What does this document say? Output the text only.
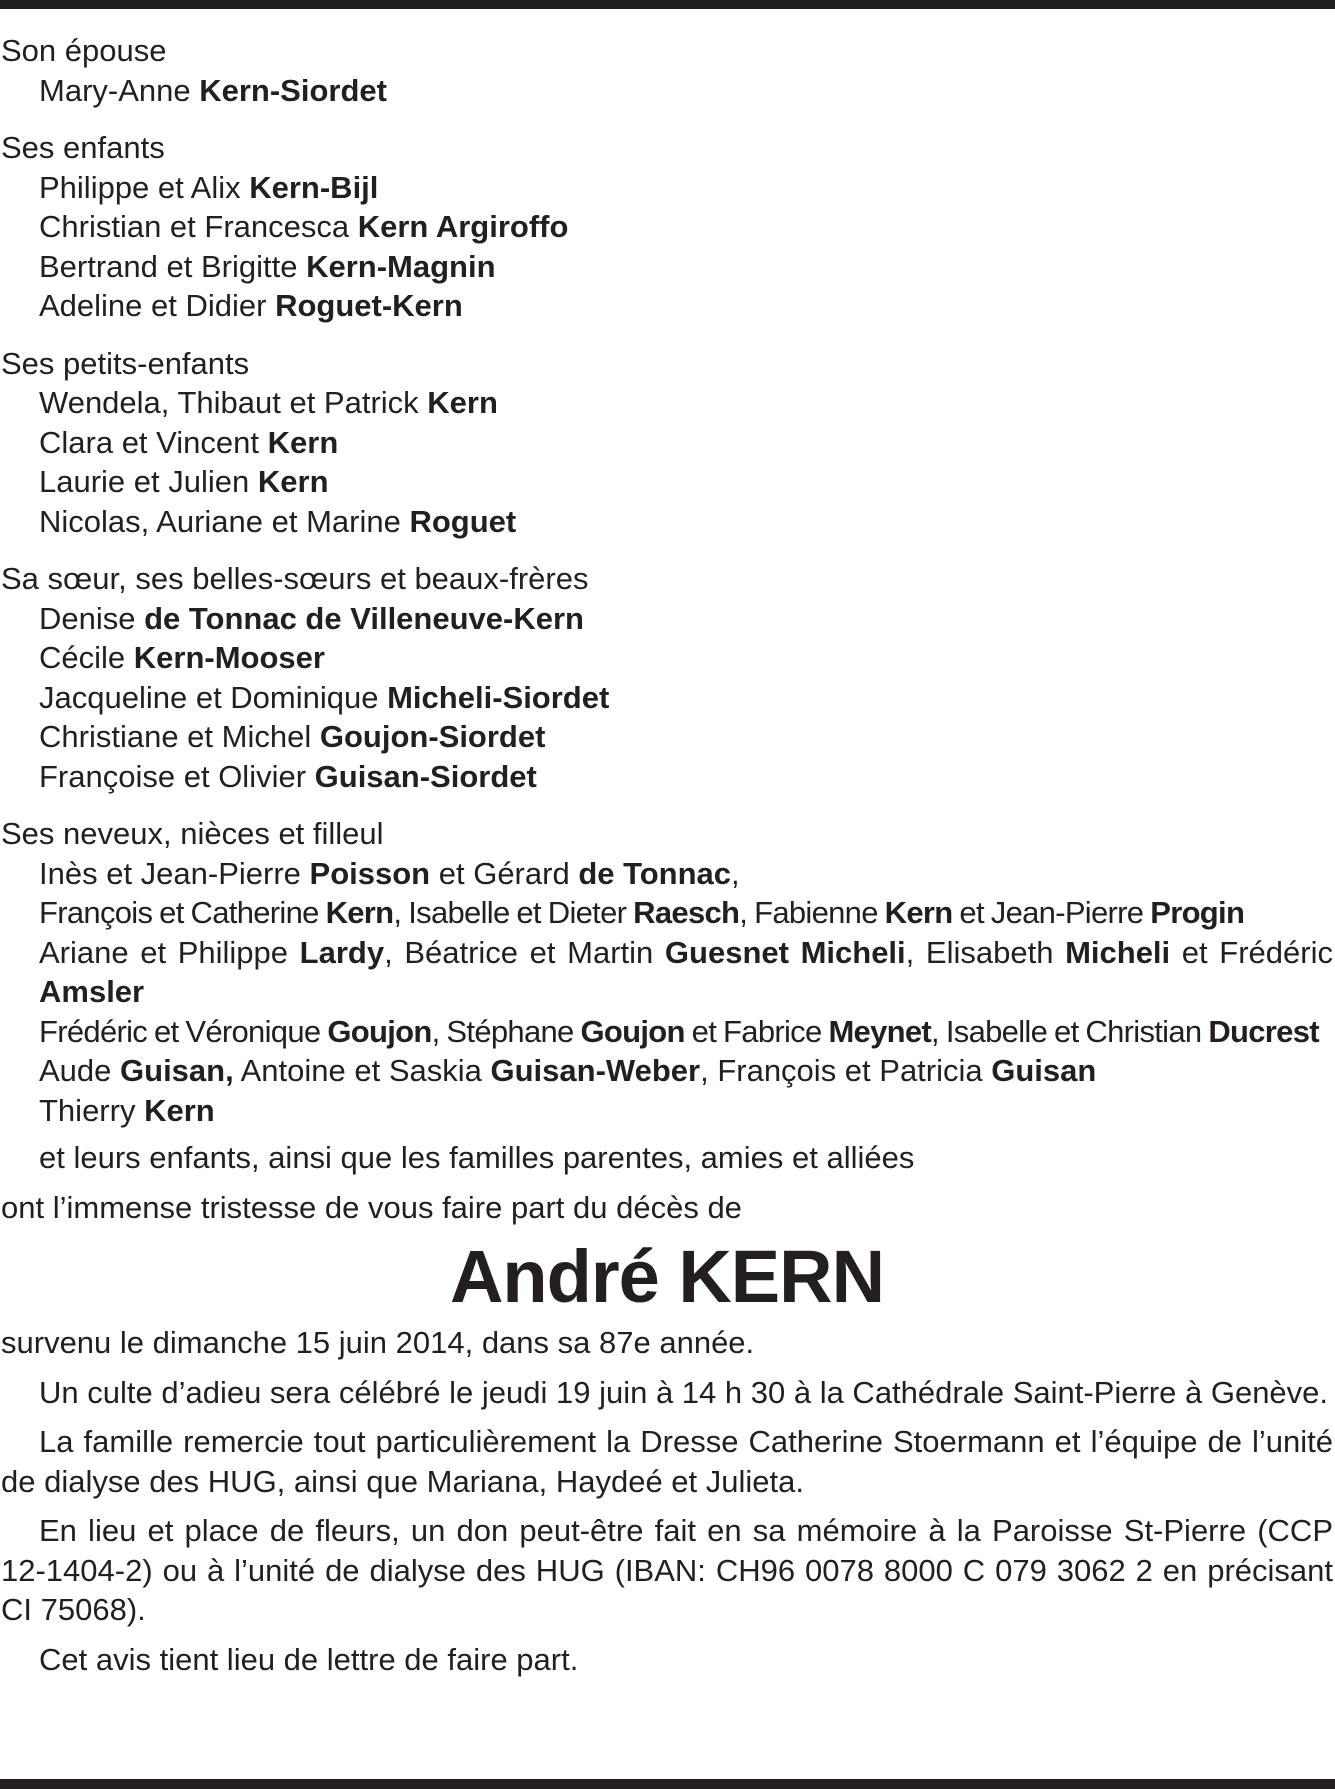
Son épouse
Mary-Anne Kern-Siordet
Ses enfants
Philippe et Alix Kern-Bijl
Christian et Francesca Kern Argiroffo
Bertrand et Brigitte Kern-Magnin
Adeline et Didier Roguet-Kern
Ses petits-enfants
Wendela, Thibaut et Patrick Kern
Clara et Vincent Kern
Laurie et Julien Kern
Nicolas, Auriane et Marine Roguet
Sa sœur, ses belles-sœurs et beaux-frères
Denise de Tonnac de Villeneuve-Kern
Cécile Kern-Mooser
Jacqueline et Dominique Micheli-Siordet
Christiane et Michel Goujon-Siordet
Françoise et Olivier Guisan-Siordet
Ses neveux, nièces et filleul
Inès et Jean-Pierre Poisson et Gérard de Tonnac,
François et Catherine Kern, Isabelle et Dieter Raesch, Fabienne Kern et Jean-Pierre Progin
Ariane et Philippe Lardy, Béatrice et Martin Guesnet Micheli, Elisabeth Micheli et Frédéric Amsler
Frédéric et Véronique Goujon, Stéphane Goujon et Fabrice Meynet, Isabelle et Christian Ducrest
Aude Guisan, Antoine et Saskia Guisan-Weber, François et Patricia Guisan
Thierry Kern
et leurs enfants, ainsi que les familles parentes, amies et alliées
ont l’immense tristesse de vous faire part du décès de
André KERN
survenu le dimanche 15 juin 2014, dans sa 87e année.
Un culte d’adieu sera célébré le jeudi 19 juin à 14 h 30 à la Cathédrale Saint-Pierre à Genève.
La famille remercie tout particulièrement la Dresse Catherine Stoermann et l’équipe de l’unité de dialyse des HUG, ainsi que Mariana, Haydeé et Julieta.
En lieu et place de fleurs, un don peut-être fait en sa mémoire à la Paroisse St-Pierre (CCP 12-1404-2) ou à l’unité de dialyse des HUG (IBAN: CH96 0078 8000 C 079 3062 2 en précisant CI 75068).
Cet avis tient lieu de lettre de faire part.
